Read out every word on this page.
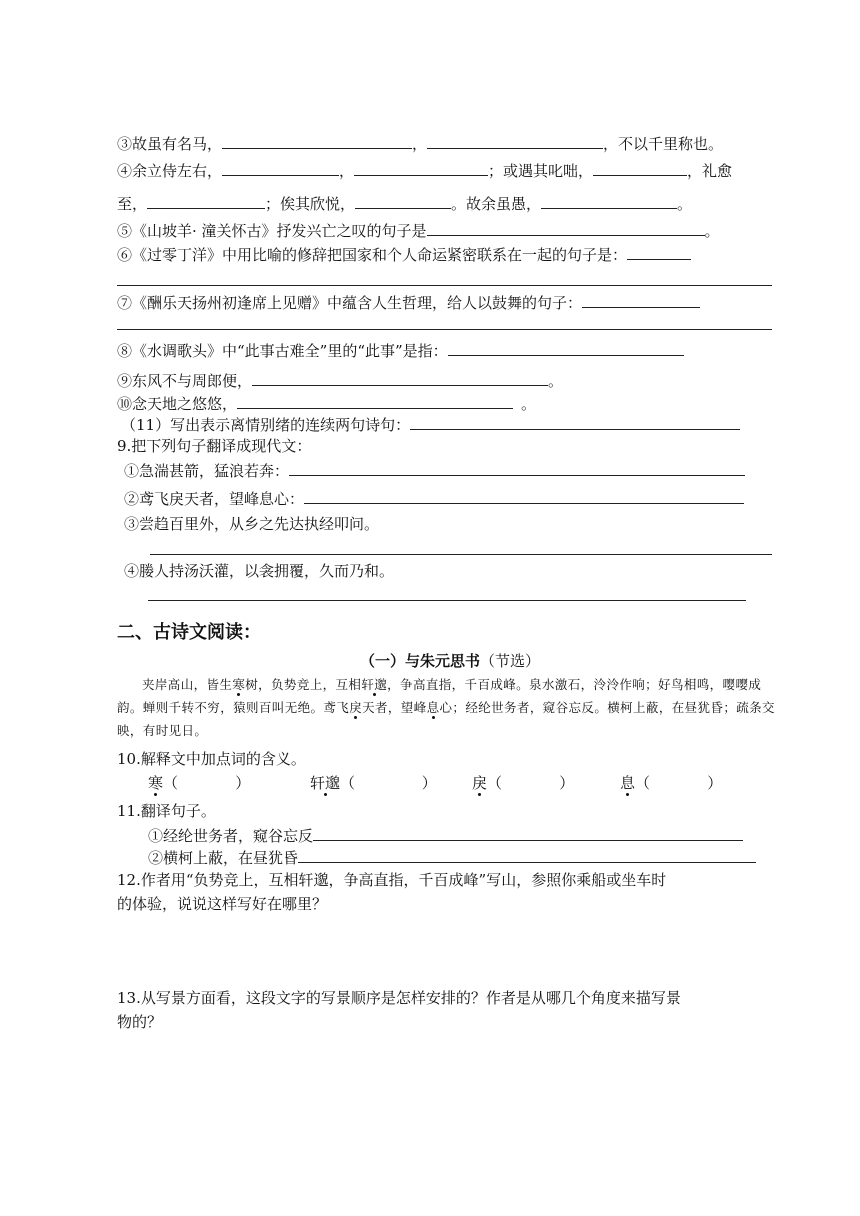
③故虽有名马，	，	，不以千里称也。
④余立侍左右，	，	；或遇其叱咄，	，礼愈
至，	；俟其欣悦，	。故余虽愚，	。
⑤《山坡羊· 潼关怀古》抒发兴亡之叹的句子是	。
⑥《过零丁洋》中用比喻的修辞把国家和个人命运紧密联系在一起的句子是：
⑦《酬乐天扬州初逢席上见赠》中蕴含人生哲理，给人以鼓舞的句子：
⑧《水调歌头》中“此事古难全”里的“此事”是指：
⑨东风不与周郎便，	。
⑩念天地之悠悠，	。
（11）写出表示离情别绪的连续两句诗句：
9.把下列句子翻译成现代文：
①急湍甚箭，猛浪若奔：
②鸢飞戾天者，望峰息心：
③尝趋百里外，从乡之先达执经叩问。
④媵人持汤沃灌，以衾拥覆，久而乃和。
二、古诗文阅读：
（一）与朱元思书（节选）
夹岸高山，皆生寒树，负势竞上，互相轩邈，争高直指，千百成峰。泉水激石，泠泠作响；好鸟相鸣，嘤嘤成韵。蝉则千转不穷，猿则百叫无绝。鸢飞戾天者，望峰息心；经纶世务者，窥谷忘反。横柯上蔽，在昼犹昏；疏条交映，有时见日。
10.解释文中加点词的含义。
寒（            ）	轩邈（              ） 戾（            ）	息（            ）
11.翻译句子。
①经纶世务者，窥谷忘反
②横柯上蔽，在昼犹昏
12.作者用“负势竞上，互相轩邈，争高直指，千百成峰”写山，参照你乘船或坐车时
的体验，说说这样写好在哪里？
13.从写景方面看，这段文字的写景顺序是怎样安排的？作者是从哪几个角度来描写景
物的？
